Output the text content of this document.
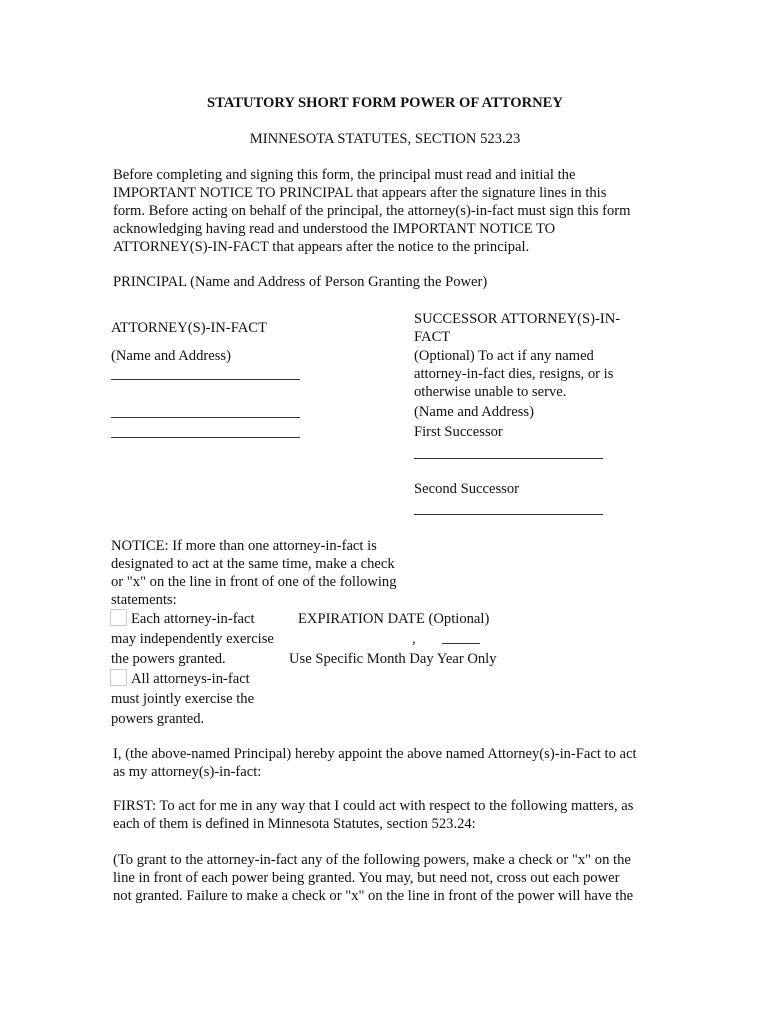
STATUTORY SHORT FORM POWER OF ATTORNEY
MINNESOTA STATUTES, SECTION 523.23
Before completing and signing this form, the principal must read and initial the
IMPORTANT NOTICE TO PRINCIPAL that appears after the signature lines in this
form. Before acting on behalf of the principal, the attorney(s)-in-fact must sign this form
acknowledging having read and understood the IMPORTANT NOTICE TO
ATTORNEY(S)-IN-FACT that appears after the notice to the principal.
PRINCIPAL (Name and Address of Person Granting the Power)
ATTORNEY(S)-IN-FACT
(Name and Address)
SUCCESSOR ATTORNEY(S)-IN-
FACT
(Optional) To act if any named
attorney-in-fact dies, resigns, or is
otherwise unable to serve.
(Name and Address)
First Successor
Second Successor
NOTICE: If more than one attorney-in-fact is
designated to act at the same time, make a check
or "x" on the line in front of one of the following
statements:
Each attorney-in-fact
may independently exercise
the powers granted.
All attorneys-in-fact
must jointly exercise the
powers granted.
EXPIRATION DATE (Optional)
,
Use Specific Month Day Year Only
I, (the above-named Principal) hereby appoint the above named Attorney(s)-in-Fact to act
as my attorney(s)-in-fact:
FIRST: To act for me in any way that I could act with respect to the following matters, as
each of them is defined in Minnesota Statutes, section 523.24:
(To grant to the attorney-in-fact any of the following powers, make a check or "x" on the
line in front of each power being granted. You may, but need not, cross out each power
not granted. Failure to make a check or "x" on the line in front of the power will have the
